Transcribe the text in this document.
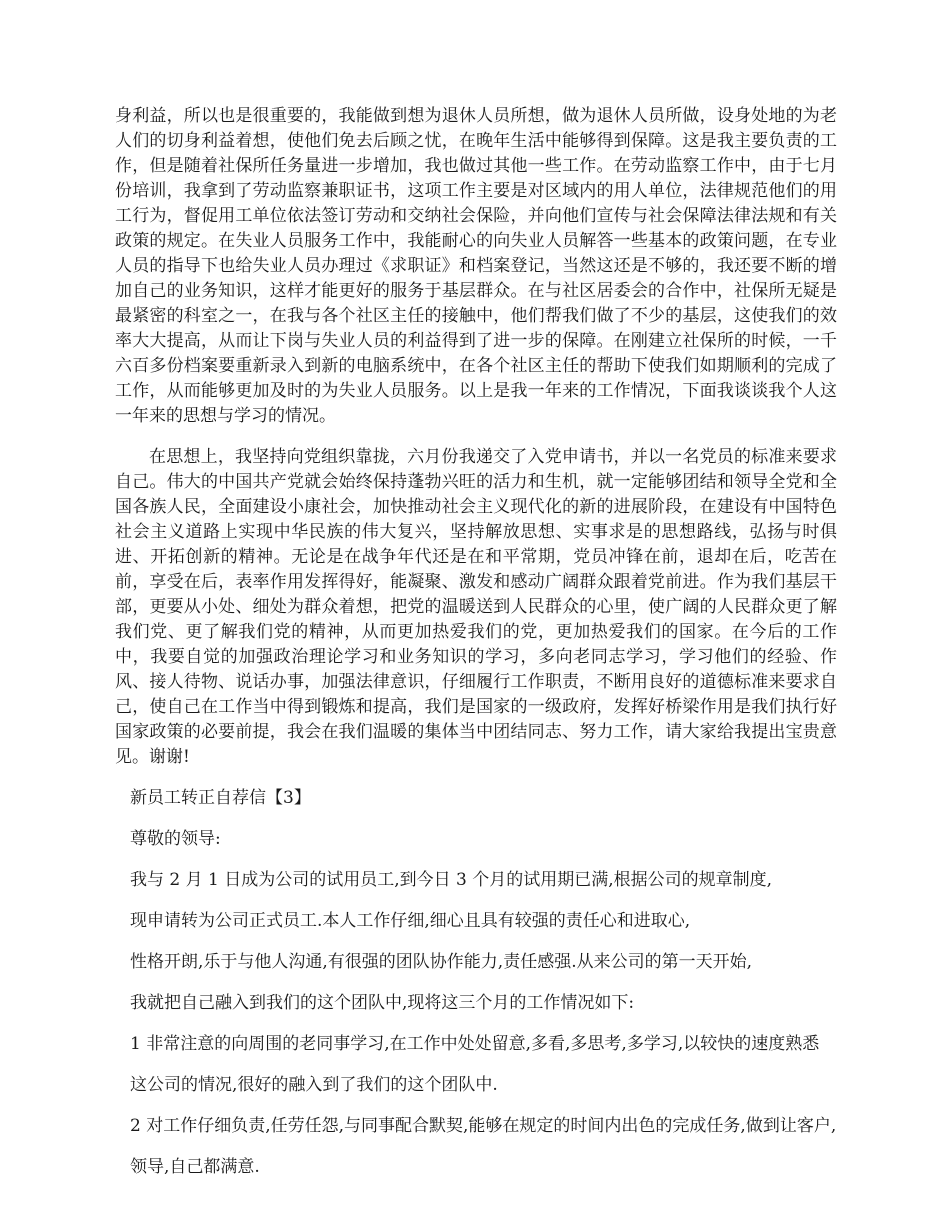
身利益，所以也是很重要的，我能做到想为退休人员所想，做为退休人员所做，设身处地的为老人们的切身利益着想，使他们免去后顾之忧，在晚年生活中能够得到保障。这是我主要负责的工作，但是随着社保所任务量进一步增加，我也做过其他一些工作。在劳动监察工作中，由于七月份培训，我拿到了劳动监察兼职证书，这项工作主要是对区域内的用人单位，法律规范他们的用工行为，督促用工单位依法签订劳动和交纳社会保险，并向他们宣传与社会保障法律法规和有关政策的规定。在失业人员服务工作中，我能耐心的向失业人员解答一些基本的政策问题，在专业人员的指导下也给失业人员办理过《求职证》和档案登记，当然这还是不够的，我还要不断的增加自己的业务知识，这样才能更好的服务于基层群众。在与社区居委会的合作中，社保所无疑是最紧密的科室之一，在我与各个社区主任的接触中，他们帮我们做了不少的基层，这使我们的效率大大提高，从而让下岗与失业人员的利益得到了进一步的保障。在刚建立社保所的时候，一千六百多份档案要重新录入到新的电脑系统中，在各个社区主任的帮助下使我们如期顺利的完成了工作，从而能够更加及时的为失业人员服务。以上是我一年来的工作情况，下面我谈谈我个人这一年来的思想与学习的情况。

在思想上，我坚持向党组织靠拢，六月份我递交了入党申请书，并以一名党员的标准来要求自己。伟大的中国共产党就会始终保持蓬勃兴旺的活力和生机，就一定能够团结和领导全党和全国各族人民，全面建设小康社会，加快推动社会主义现代化的新的进展阶段，在建设有中国特色社会主义道路上实现中华民族的伟大复兴，坚持解放思想、实事求是的思想路线，弘扬与时俱进、开拓创新的精神。无论是在战争年代还是在和平常期，党员冲锋在前，退却在后，吃苦在前，享受在后，表率作用发挥得好，能凝聚、激发和感动广阔群众跟着党前进。作为我们基层干部，更要从小处、细处为群众着想，把党的温暖送到人民群众的心里，使广阔的人民群众更了解我们党、更了解我们党的精神，从而更加热爱我们的党，更加热爱我们的国家。在今后的工作中，我要自觉的加强政治理论学习和业务知识的学习，多向老同志学习，学习他们的经验、作风、接人待物、说话办事，加强法律意识，仔细履行工作职责，不断用良好的道德标准来要求自己，使自己在工作当中得到锻炼和提高，我们是国家的一级政府，发挥好桥梁作用是我们执行好国家政策的必要前提，我会在我们温暖的集体当中团结同志、努力工作，请大家给我提出宝贵意见。谢谢!

新员工转正自荐信【3】

尊敬的领导:

我与 2 月 1 日成为公司的试用员工,到今日 3 个月的试用期已满,根据公司的规章制度,

现申请转为公司正式员工.本人工作仔细,细心且具有较强的责任心和进取心,

性格开朗,乐于与他人沟通,有很强的团队协作能力,责任感强.从来公司的第一天开始,

我就把自己融入到我们的这个团队中,现将这三个月的工作情况如下:

1 非常注意的向周围的老同事学习,在工作中处处留意,多看,多思考,多学习,以较快的速度熟悉

这公司的情况,很好的融入到了我们的这个团队中.

2 对工作仔细负责,任劳任怨,与同事配合默契,能够在规定的时间内出色的完成任务,做到让客户,

领导,自己都满意.
